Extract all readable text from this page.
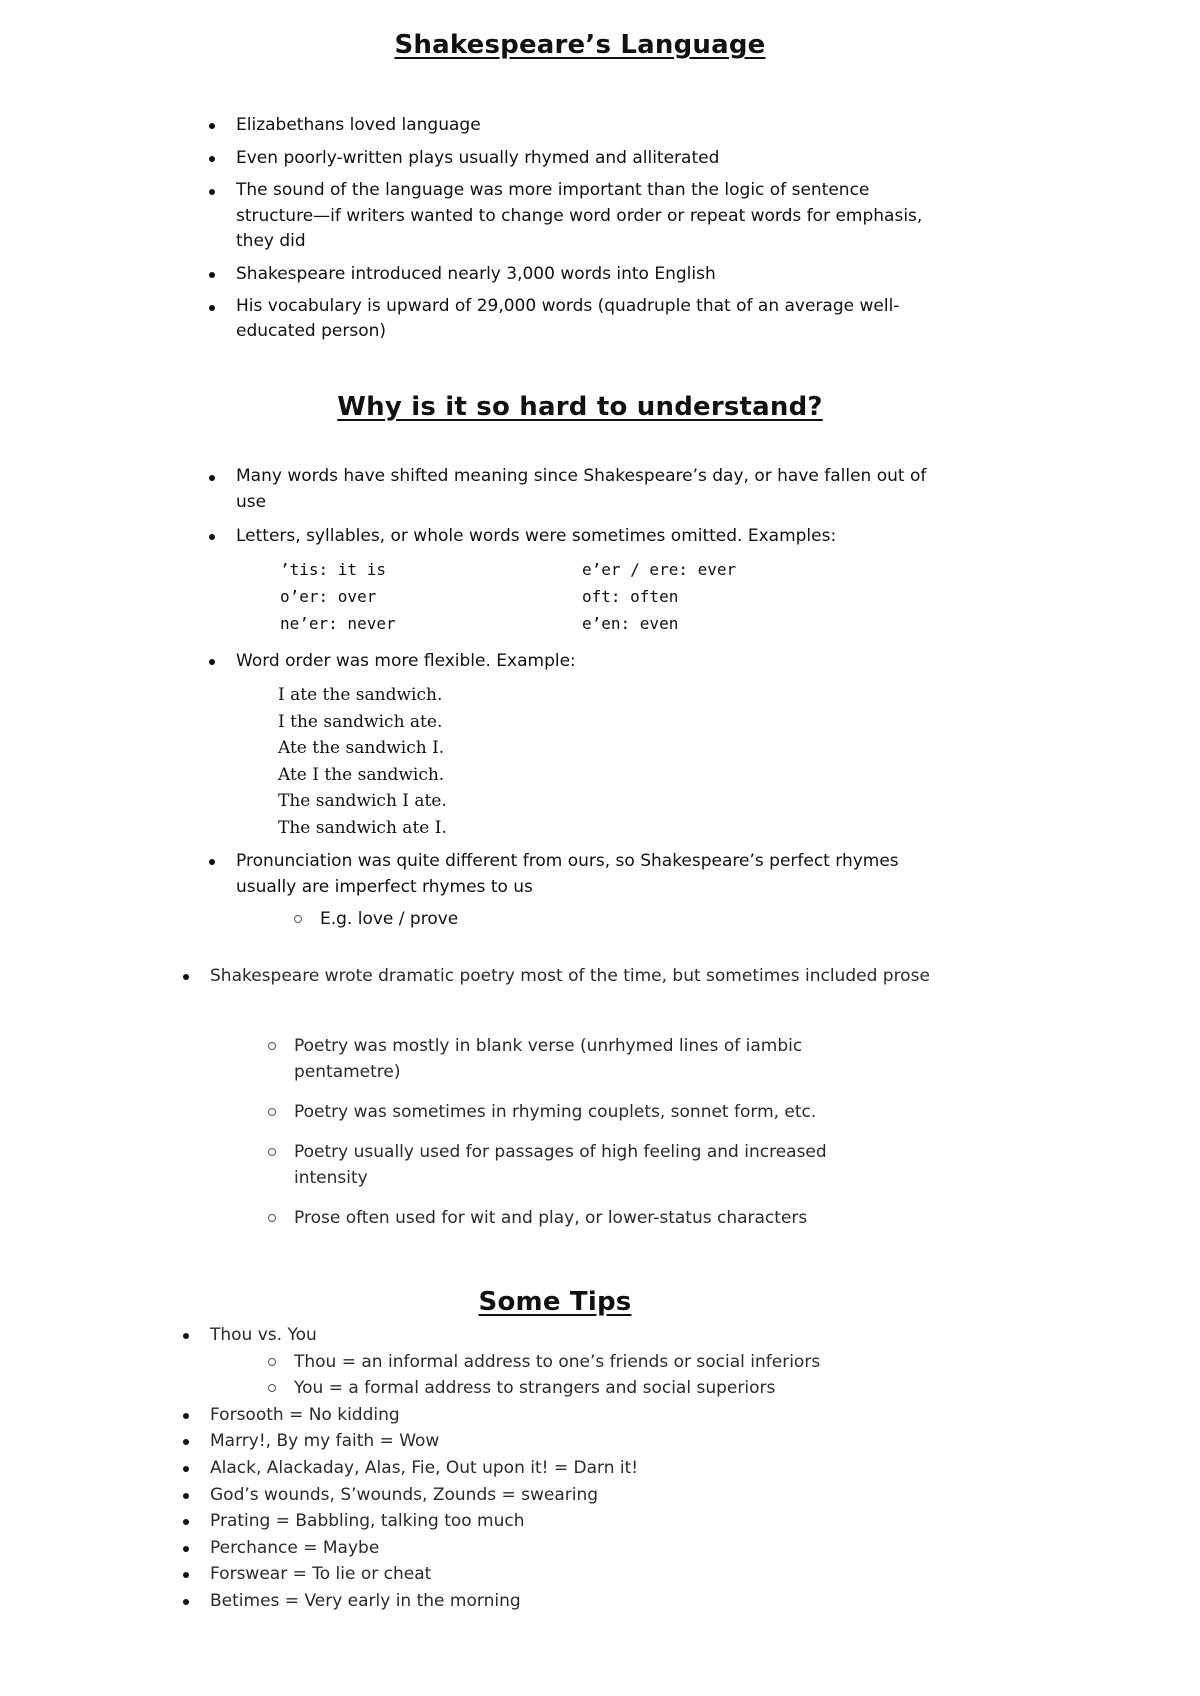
Shakespeare’s Language
Elizabethans loved language
Even poorly-written plays usually rhymed and alliterated
The sound of the language was more important than the logic of sentence structure—if writers wanted to change word order or repeat words for emphasis, they did
Shakespeare introduced nearly 3,000 words into English
His vocabulary is upward of 29,000 words (quadruple that of an average well-educated person)
Why is it so hard to understand?
Many words have shifted meaning since Shakespeare’s day, or have fallen out of use
Letters, syllables, or whole words were sometimes omitted. Examples:
’tis: it is	e’er / ere: ever
o’er: over	oft: often
ne’er: never	e’en: even
Word order was more flexible. Example:
I ate the sandwich.
I the sandwich ate.
Ate the sandwich I.
Ate I the sandwich.
The sandwich I ate.
The sandwich ate I.
Pronunciation was quite different from ours, so Shakespeare’s perfect rhymes usually are imperfect rhymes to us
E.g. love / prove
Shakespeare wrote dramatic poetry most of the time, but sometimes included prose
Poetry was mostly in blank verse (unrhymed lines of iambic pentametre)
Poetry was sometimes in rhyming couplets, sonnet form, etc.
Poetry usually used for passages of high feeling and increased intensity
Prose often used for wit and play, or lower-status characters
Some Tips
Thou vs. You
Thou = an informal address to one’s friends or social inferiors
You = a formal address to strangers and social superiors
Forsooth = No kidding
Marry!, By my faith = Wow
Alack, Alackaday, Alas, Fie, Out upon it! = Darn it!
God’s wounds, S’wounds, Zounds = swearing
Prating = Babbling, talking too much
Perchance = Maybe
Forswear = To lie or cheat
Betimes = Very early in the morning
